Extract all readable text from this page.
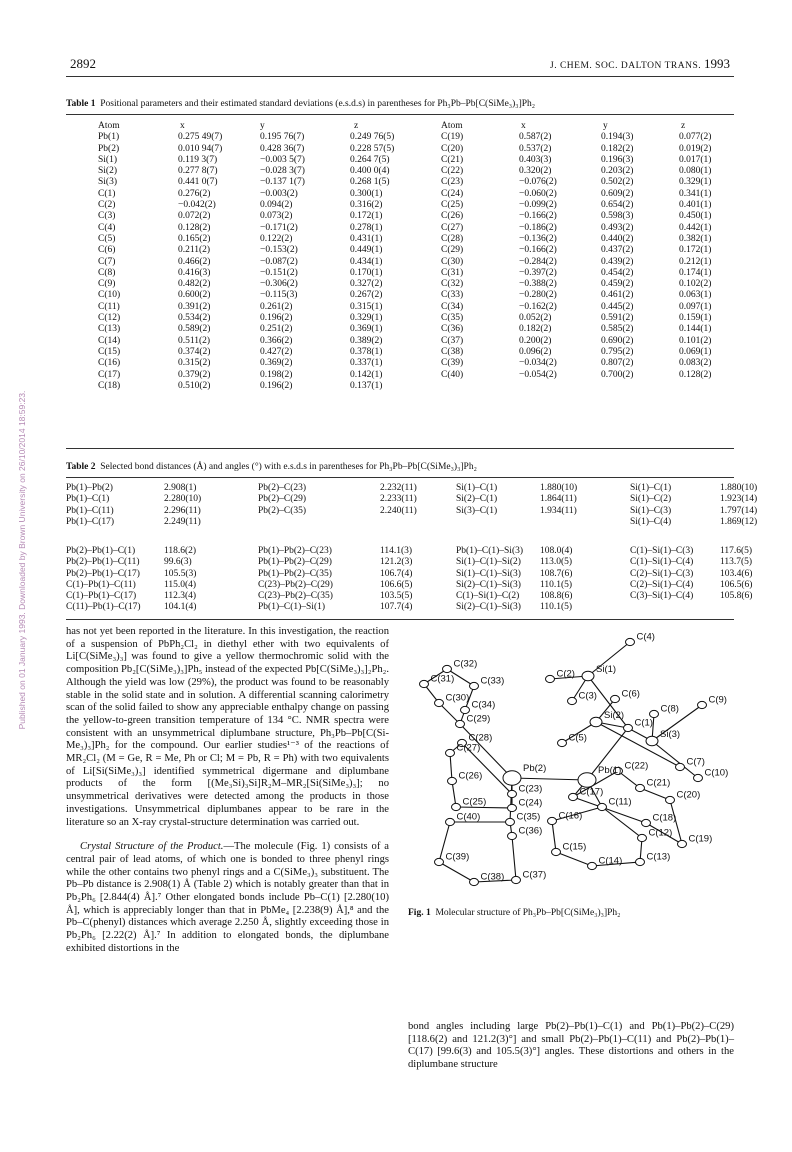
2892	J. CHEM. SOC. DALTON TRANS. 1993
Published on 01 January 1993. Downloaded by Brown University on 26/10/2014 18:59:23.
Table 1 Positional parameters and their estimated standard deviations (e.s.d.s) in parentheses for Ph₃Pb–Pb[C(SiMe₃)₃]Ph₂
Atom	x	y	z
Pb(1)	0.275 49(7)	0.195 76(7)	0.249 76(5)
Pb(2)	0.010 94(7)	0.428 36(7)	0.228 57(5)
Si(1)	0.119 3(7)	−0.003 5(7)	0.264 7(5)
Si(2)	0.277 8(7)	−0.028 3(7)	0.400 0(4)
Si(3)	0.441 0(7)	−0.137 1(7)	0.268 1(5)
C(1)	0.276(2)	−0.003(2)	0.300(1)
C(2)	−0.042(2)	0.094(2)	0.316(2)
C(3)	0.072(2)	0.073(2)	0.172(1)
C(4)	0.128(2)	−0.171(2)	0.278(1)
C(5)	0.165(2)	0.122(2)	0.431(1)
C(6)	0.211(2)	−0.153(2)	0.449(1)
C(7)	0.466(2)	−0.087(2)	0.434(1)
C(8)	0.416(3)	−0.151(2)	0.170(1)
C(9)	0.482(2)	−0.306(2)	0.327(2)
C(10)	0.600(2)	−0.115(3)	0.267(2)
C(11)	0.391(2)	0.261(2)	0.315(1)
C(12)	0.534(2)	0.196(2)	0.329(1)
C(13)	0.589(2)	0.251(2)	0.369(1)
C(14)	0.511(2)	0.366(2)	0.389(2)
C(15)	0.374(2)	0.427(2)	0.378(1)
C(16)	0.315(2)	0.369(2)	0.337(1)
C(17)	0.379(2)	0.198(2)	0.142(1)
C(18)	0.510(2)	0.196(2)	0.137(1)
Atom	x	y	z
C(19)	0.587(2)	0.194(3)	0.077(2)
C(20)	0.537(2)	0.182(2)	0.019(2)
C(21)	0.403(3)	0.196(3)	0.017(1)
C(22)	0.320(2)	0.203(2)	0.080(1)
C(23)	−0.076(2)	0.502(2)	0.329(1)
C(24)	−0.060(2)	0.609(2)	0.341(1)
C(25)	−0.099(2)	0.654(2)	0.401(1)
C(26)	−0.166(2)	0.598(3)	0.450(1)
C(27)	−0.186(2)	0.493(2)	0.442(1)
C(28)	−0.136(2)	0.440(2)	0.382(1)
C(29)	−0.166(2)	0.437(2)	0.172(1)
C(30)	−0.284(2)	0.439(2)	0.212(1)
C(31)	−0.397(2)	0.454(2)	0.174(1)
C(32)	−0.388(2)	0.459(2)	0.102(2)
C(33)	−0.280(2)	0.461(2)	0.063(1)
C(34)	−0.162(2)	0.445(2)	0.097(1)
C(35)	0.052(2)	0.591(2)	0.159(1)
C(36)	0.182(2)	0.585(2)	0.144(1)
C(37)	0.200(2)	0.690(2)	0.101(2)
C(38)	0.096(2)	0.795(2)	0.069(1)
C(39)	−0.034(2)	0.807(2)	0.083(2)
C(40)	−0.054(2)	0.700(2)	0.128(2)

Table 2 Selected bond distances (Å) and angles (°) with e.s.d.s in parentheses for Ph₃Pb–Pb[C(SiMe₃)₃]Ph₂
Pb(1)–Pb(2)	2.908(1)	Pb(2)–C(23)	2.232(11)	Si(1)–C(1)	1.880(10)	Si(1)–C(1)	1.880(10)
Pb(1)–C(1)	2.280(10)	Pb(2)–C(29)	2.233(11)	Si(2)–C(1)	1.864(11)	Si(1)–C(2)	1.923(14)
Pb(1)–C(11)	2.296(11)	Pb(2)–C(35)	2.240(11)	Si(3)–C(1)	1.934(11)	Si(1)–C(3)	1.797(14)
Pb(1)–C(17)	2.249(11)					Si(1)–C(4)	1.869(12)
Pb(2)–Pb(1)–C(1)	118.6(2)	Pb(1)–Pb(2)–C(23)	114.1(3)	Pb(1)–C(1)–Si(3)	108.0(4)	C(1)–Si(1)–C(3)	117.6(5)
Pb(2)–Pb(1)–C(11)	99.6(3)	Pb(1)–Pb(2)–C(29)	121.2(3)	Si(1)–C(1)–Si(2)	113.0(5)	C(1)–Si(1)–C(4)	113.7(5)
Pb(2)–Pb(1)–C(17)	105.5(3)	Pb(1)–Pb(2)–C(35)	106.7(4)	Si(1)–C(1)–Si(3)	108.7(6)	C(2)–Si(1)–C(3)	103.4(6)
C(1)–Pb(1)–C(11)	115.0(4)	C(23)–Pb(2)–C(29)	106.6(5)	Si(2)–C(1)–Si(3)	110.1(5)	C(2)–Si(1)–C(4)	106.5(6)
C(1)–Pb(1)–C(17)	112.3(4)	C(23)–Pb(2)–C(35)	103.5(5)	C(1)–Si(1)–C(2)	108.8(6)	C(3)–Si(1)–C(4)	105.8(6)
C(11)–Pb(1)–C(17)	104.1(4)	Pb(1)–C(1)–Si(1)	107.7(4)	Si(2)–C(1)–Si(3)	110.1(5)		

has not yet been reported in the literature. In this investigation, the reaction of a suspension of PbPh₂Cl₂ in diethyl ether with two equivalents of Li[C(SiMe₃)₃] was found to give a yellow thermochromic solid with the composition Pb₂[C(SiMe₃)₃]Ph₅ instead of the expected Pb[C(SiMe₃)₃]₂Ph₂. Although the yield was low (29%), the product was found to be reasonably stable in the solid state and in solution. A differential scanning calorimetry scan of the solid failed to show any appreciable enthalpy change on passing the yellow-to-green transition temperature of 134 °C. NMR spectra were consistent with an unsymmetrical diplumbane structure, Ph₃Pb–Pb[C(Si-Me₃)₃]Ph₂ for the compound. Our earlier studies¹⁻³ of the reactions of MR₂Cl₂ (M = Ge, R = Me, Ph or Cl; M = Pb, R = Ph) with two equivalents of Li[Si(SiMe₃)₃] identified symmetrical digermane and diplumbane products of the form [(Me₃Si)₃Si]R₂M–MR₂[Si(SiMe₃)₃]; no unsymmetrical derivatives were detected among the products in those investigations. Unsymmetrical diplumbanes appear to be rare in the literature so an X-ray crystal-structure determination was carried out.

Crystal Structure of the Product.—The molecule (Fig. 1) consists of a central pair of lead atoms, of which one is bonded to three phenyl rings while the other contains two phenyl rings and a C(SiMe₃)₃ substituent. The Pb–Pb distance is 2.908(1) Å (Table 2) which is notably greater than that in Pb₂Ph₆ [2.844(4) Å].⁷ Other elongated bonds include Pb–C(1) [2.280(10) Å], which is appreciably longer than that in PbMe₄ [2.238(9) Å],⁸ and the Pb–C(phenyl) distances which average 2.250 Å, slightly exceeding those in Pb₂Ph₆ [2.22(2) Å].⁷ In addition to elongated bonds, the diplumbane exhibited distortions in the

C(4)
C(32)
C(2) Si(1)
C(31)	C(33)
C(3)	C(6)
C(9)
C(8)
C(30)
C(34)
Si(2)
C(1)
C(29)
Si(3)
C(28)	C(5)
C(27)
Pb(2)	Pb(1) C(22)	C(7)
C(21)
C(10)
C(26)
C(23)	C(17)
C(24)
C(20)
C(25)
C(35) C(16)
C(11)
C(18)
C(40)
C(12)
C(19)
C(36)
C(39)
C(15)
C(13)
C(14)
C(38) C(37)
Fig. 1 Molecular structure of Ph₃Pb–Pb[C(SiMe₃)₃]Ph₂
bond angles including large Pb(2)–Pb(1)–C(1) and Pb(1)–Pb(2)–C(29) [118.6(2) and 121.2(3)°] and small Pb(2)–Pb(1)–C(11) and Pb(2)–Pb(1)–C(17) [99.6(3) and 105.5(3)°] angles. These distortions and others in the diplumbane structure
